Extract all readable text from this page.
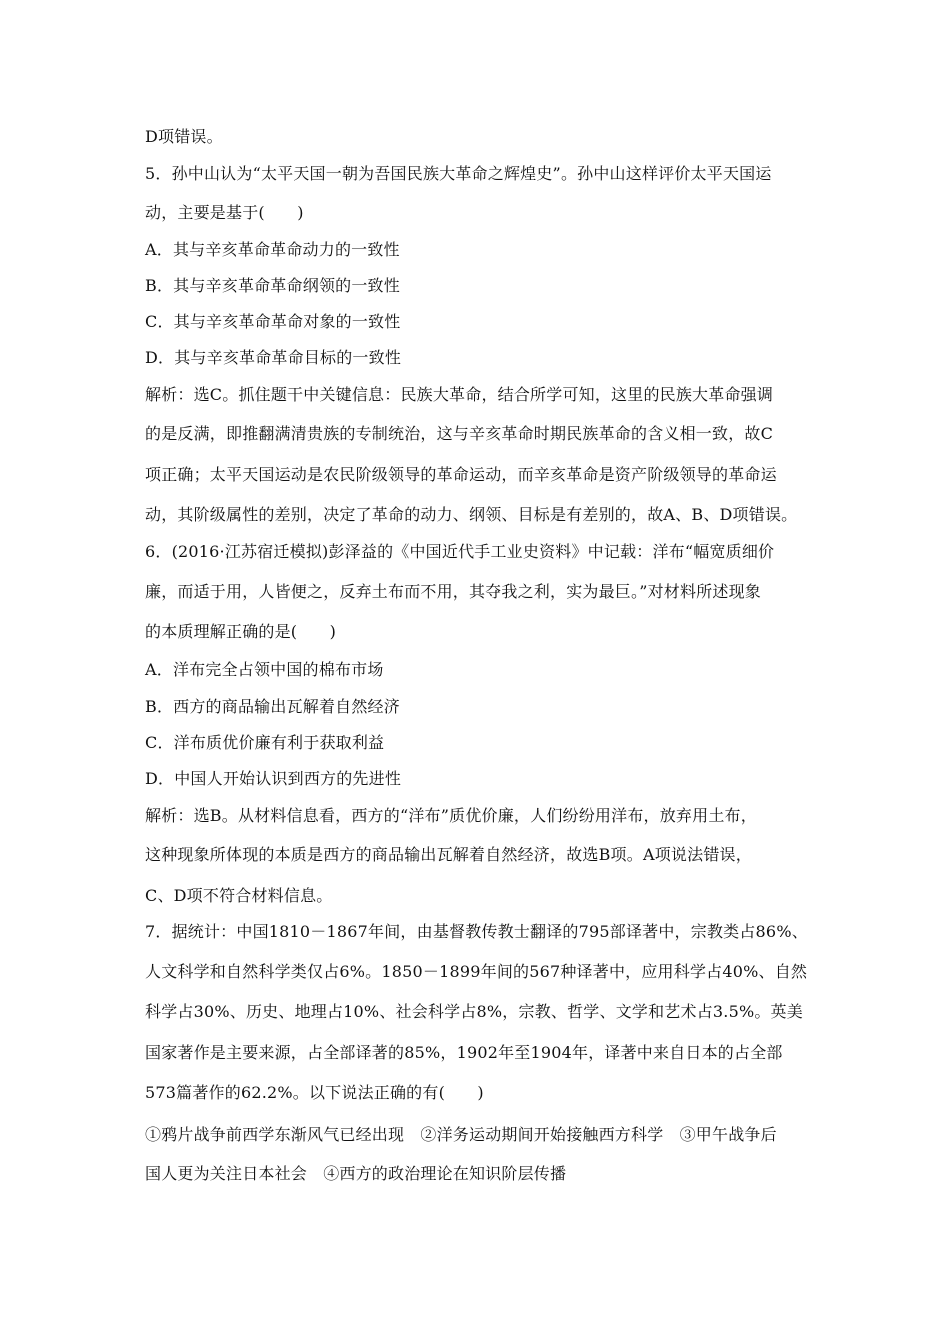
D项错误。
5．孙中山认为“太平天国一朝为吾国民族大革命之辉煌史”。孙中山这样评价太平天国运
动，主要是基于(　　)
A．其与辛亥革命革命动力的一致性
B．其与辛亥革命革命纲领的一致性
C．其与辛亥革命革命对象的一致性
D．其与辛亥革命革命目标的一致性
解析：选C。抓住题干中关键信息：民族大革命，结合所学可知，这里的民族大革命强调
的是反满，即推翻满清贵族的专制统治，这与辛亥革命时期民族革命的含义相一致，故C
项正确；太平天国运动是农民阶级领导的革命运动，而辛亥革命是资产阶级领导的革命运
动，其阶级属性的差别，决定了革命的动力、纲领、目标是有差别的，故A、B、D项错误。
6．(2016·江苏宿迁模拟)彭泽益的《中国近代手工业史资料》中记载：洋布“幅宽质细价
廉，而适于用，人皆便之，反弃土布而不用，其夺我之利，实为最巨。”对材料所述现象
的本质理解正确的是(　　)
A．洋布完全占领中国的棉布市场
B．西方的商品输出瓦解着自然经济
C．洋布质优价廉有利于获取利益
D．中国人开始认识到西方的先进性
解析：选B。从材料信息看，西方的“洋布”质优价廉，人们纷纷用洋布，放弃用土布，
这种现象所体现的本质是西方的商品输出瓦解着自然经济，故选B项。A项说法错误，
C、D项不符合材料信息。
7．据统计：中国1810－1867年间，由基督教传教士翻译的795部译著中，宗教类占86%、
人文科学和自然科学类仅占6%。1850－1899年间的567种译著中，应用科学占40%、自然
科学占30%、历史、地理占10%、社会科学占8%，宗教、哲学、文学和艺术占3.5%。英美
国家著作是主要来源，占全部译著的85%，1902年至1904年，译著中来自日本的占全部
573篇著作的62.2%。以下说法正确的有(　　)
①鸦片战争前西学东渐风气已经出现　②洋务运动期间开始接触西方科学　③甲午战争后
国人更为关注日本社会　④西方的政治理论在知识阶层传播
